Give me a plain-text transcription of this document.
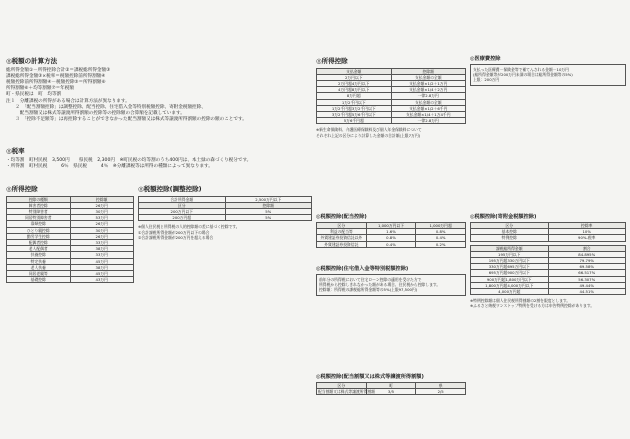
◎税額の計算方法

総所得金額①－所得控除合計②＝課税総所得金額③

課税総所得金額③×税率＝税額控除前所得割額④

税額控除前所得割額④－税額控除⑤＝所得割額⑥

所得割額⑥＋均等割額⑦＝年税額

町・県民税は　町　均等割

注１　分離課税の所得がある場合は計算方法が異なります。

　　２　「配当割額控除」は調整控除、配当控除、住宅借入金等特別税額控除、寄附金税額控除、

　　　配当割額又は株式等譲渡所得割額の控除等の控除額の合算額を記載しています。

　　３　「控除不足額等」は再控除することができなかった配当割額又は株式等譲渡所得割額の控除の額のことです。

◎税率

・均等割　町村民税　3,500円　　県民税　2,300円　※町民税の均等割のうち400円は、本土緑の森づくり税分です。

・所得割　町村民税　　　6％　県民税　　　4％　※分離課税等は所得の種類によって異なります。

◎所得控除
控除の種類	控除額
障害者控除	26万円
特別障害者	30万円
同居特別障害者	53万円
寡婦控除	26万円
ひとり親控除	30万円
勤労学生控除	26万円
配偶者控除	33万円
老人配偶者	38万円
扶養控除	33万円
特定扶養	45万円
老人扶養	38万円
同居老親等	45万円
基礎控除	43万円
◎税額控除(調整控除)
合計所得金額	2,500万円以下
区分	控除額
200万円以下	5%
200万円超	5%

※個人住民税と所得税の人的控除額の差に基づく控除です。

①合計課税所得金額が200万円以下の場合

②合計課税所得金額が200万円を超える場合

◎所得控除
支払金額	控除額
2万円以下	支払金額の全額
2万円超4万円以下	支払金額×1/2＋1万円
4万円超8万円以下	支払金額×1/4＋2万円
8万円超	一律2.8万円
1万2千円以下	支払金額の全額
1万2千円超3万2千円以下	支払金額×1/2＋6千円
3万2千円超5万6千円以下	支払金額×1/4＋1万4千円
5万6千円超	一律2.8万円

※新生命保険料、介護医療保険料及び個人年金保険料について

それぞれ上記の区分により計算した金額の合計額(上限7万円)

◎税額控除(配当控除)
区分	1,000万円以下	1,000万円超
利益の配当等	1.6%	0.8%
外貨建証券投資信託以外	0.8%	0.4%
外貨建証券投資信託	0.4%	0.2%
◎税額控除(住宅借入金等特別税額控除)

前年分の所得税において住宅ローン控除の適用を受けた方で

所得税から控除しきれなかった額がある場合、住民税から控除します。

控除額：所得税の課税総所得金額等の5%(上限97,500円)

◎税額控除(配当割額又は株式等譲渡所得割額)
区分	町	県
配当割額又は株式等譲渡所得割額	3/5	2/5
◎医療費控除

支払った医療費－保険金等で補てんされる金額－10万円

(総所得金額等が200万円未満の場合は総所得金額等の5%)

上限：200万円

◎税額控除(寄附金税額控除)
区分	控除率
基本控除	10%
特例控除	90%-税率
課税総所得金額	割合
195万円以下	84.895%
195万円超330万円以下	79.79%
330万円超695万円以下	69.58%
695万円超900万円以下	66.517%
900万円超1,800万円以下	56.307%
1,800万円超4,000万円以下	49.44%
4,000万円超	44.51%

※特例控除額は個人住民税所得割額の2割を限度とします。

※ふるさと納税ワンストップ特例を受ける方は申告特例控除があります。
